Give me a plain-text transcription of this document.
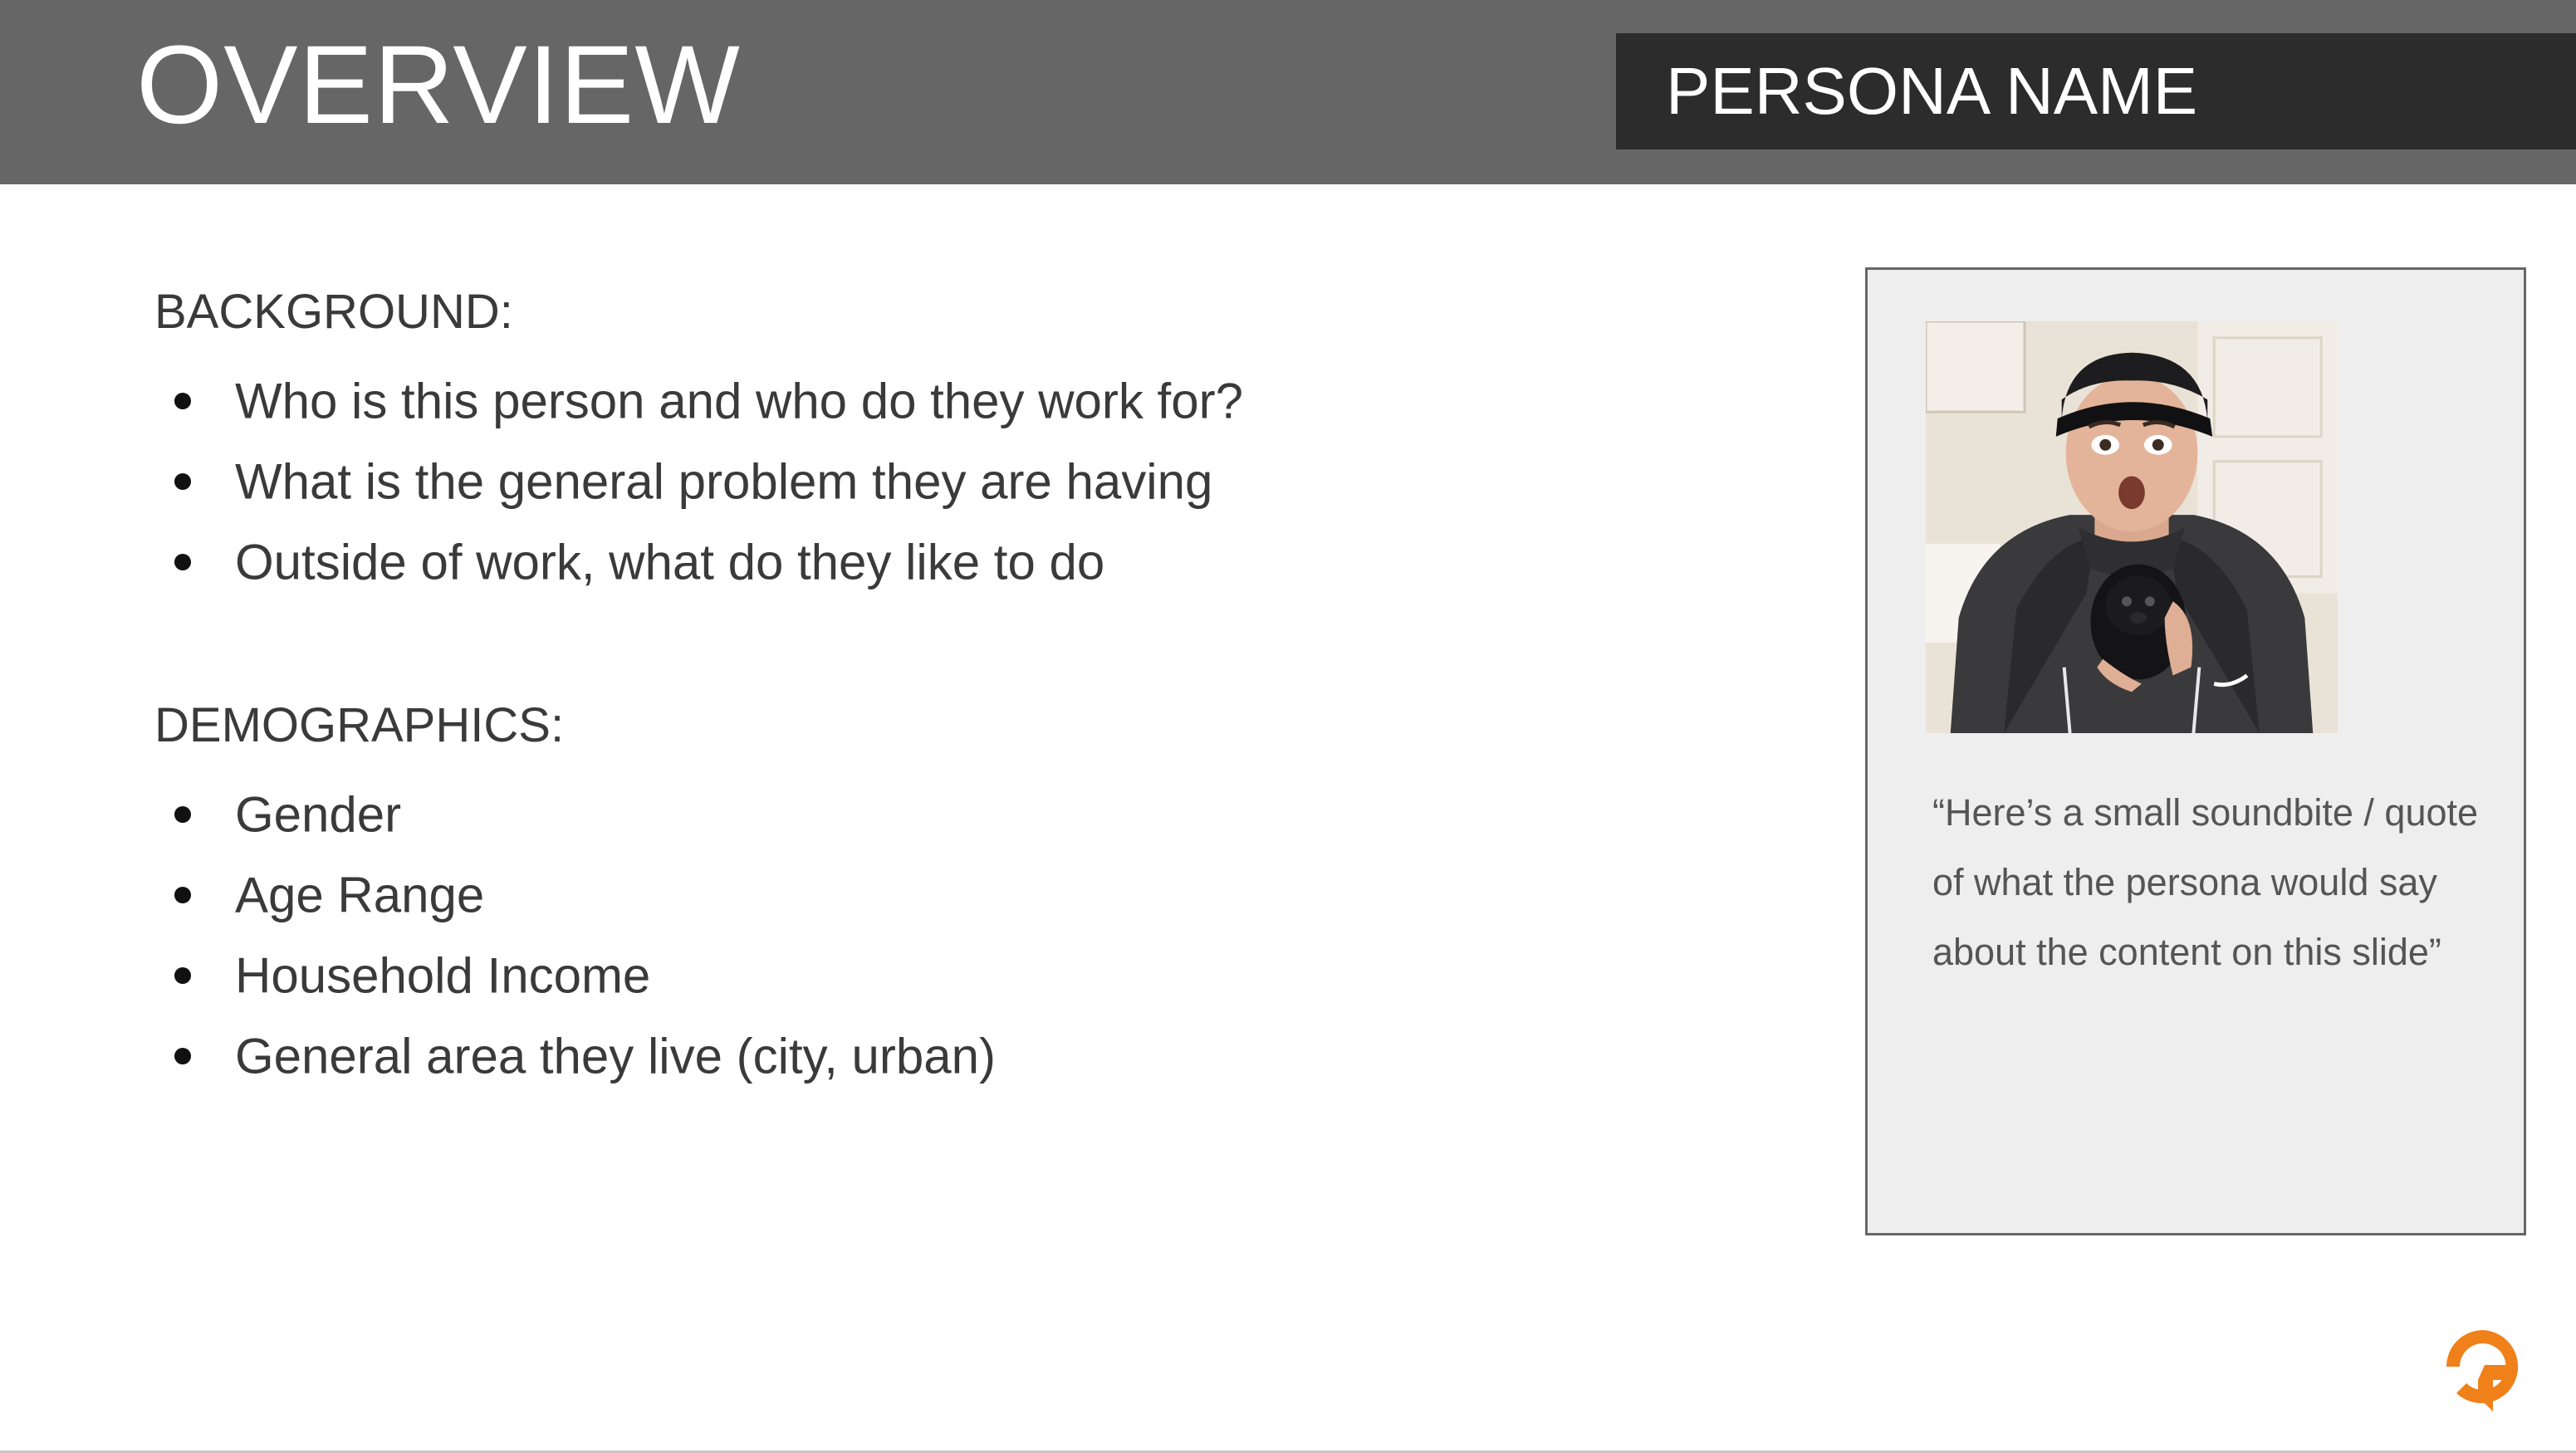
OVERVIEW	PERSONA NAME
BACKGROUND:
Who is this person and who do they work for?
What is the general problem they are having
Outside of work, what do they like to do
DEMOGRAPHICS:
Gender
Age Range
Household Income
General area they live (city, urban)
“Here’s a small soundbite / quote of what the persona would say about the content on this slide”
